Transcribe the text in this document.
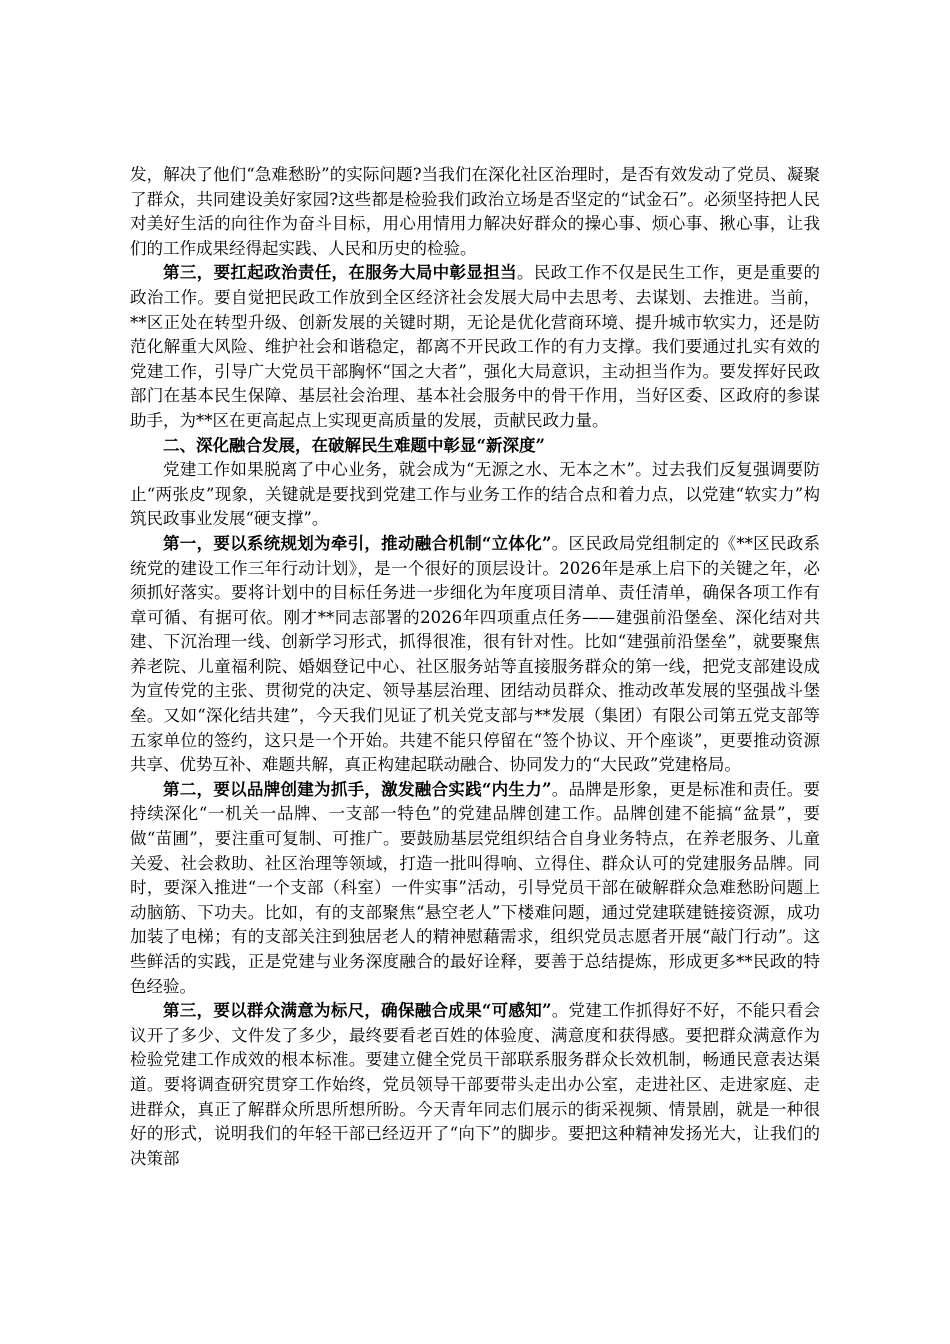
发，解决了他们“急难愁盼”的实际问题?当我们在深化社区治理时，是否有效发动了党员、凝聚了群众，共同建设美好家园?这些都是检验我们政治立场是否坚定的“试金石”。必须坚持把人民对美好生活的向往作为奋斗目标，用心用情用力解决好群众的操心事、烦心事、揪心事，让我们的工作成果经得起实践、人民和历史的检验。

第三，要扛起政治责任，在服务大局中彰显担当。民政工作不仅是民生工作，更是重要的政治工作。要自觉把民政工作放到全区经济社会发展大局中去思考、去谋划、去推进。当前，**区正处在转型升级、创新发展的关键时期，无论是优化营商环境、提升城市软实力，还是防范化解重大风险、维护社会和谐稳定，都离不开民政工作的有力支撑。我们要通过扎实有效的党建工作，引导广大党员干部胸怀“国之大者”，强化大局意识，主动担当作为。要发挥好民政部门在基本民生保障、基层社会治理、基本社会服务中的骨干作用，当好区委、区政府的参谋助手，为**区在更高起点上实现更高质量的发展，贡献民政力量。

二、深化融合发展，在破解民生难题中彰显“新深度”

党建工作如果脱离了中心业务，就会成为“无源之水、无本之木”。过去我们反复强调要防止“两张皮”现象，关键就是要找到党建工作与业务工作的结合点和着力点，以党建“软实力”构筑民政事业发展“硬支撑”。

第一，要以系统规划为牵引，推动融合机制“立体化”。区民政局党组制定的《**区民政系统党的建设工作三年行动计划》，是一个很好的顶层设计。2026年是承上启下的关键之年，必须抓好落实。要将计划中的目标任务进一步细化为年度项目清单、责任清单，确保各项工作有章可循、有据可依。刚才**同志部署的2026年四项重点任务——建强前沿堡垒、深化结对共建、下沉治理一线、创新学习形式，抓得很准，很有针对性。比如“建强前沿堡垒”，就要聚焦养老院、儿童福利院、婚姻登记中心、社区服务站等直接服务群众的第一线，把党支部建设成为宣传党的主张、贯彻党的决定、领导基层治理、团结动员群众、推动改革发展的坚强战斗堡垒。又如“深化结共建”，今天我们见证了机关党支部与**发展（集团）有限公司第五党支部等五家单位的签约，这只是一个开始。共建不能只停留在“签个协议、开个座谈”，更要推动资源共享、优势互补、难题共解，真正构建起联动融合、协同发力的“大民政”党建格局。

第二，要以品牌创建为抓手，激发融合实践“内生力”。品牌是形象，更是标准和责任。要持续深化“一机关一品牌、一支部一特色”的党建品牌创建工作。品牌创建不能搞“盆景”，要做“苗圃”，要注重可复制、可推广。要鼓励基层党组织结合自身业务特点，在养老服务、儿童关爱、社会救助、社区治理等领域，打造一批叫得响、立得住、群众认可的党建服务品牌。同时，要深入推进“一个支部（科室）一件实事”活动，引导党员干部在破解群众急难愁盼问题上动脑筋、下功夫。比如，有的支部聚焦“悬空老人”下楼难问题，通过党建联建链接资源，成功加装了电梯；有的支部关注到独居老人的精神慰藉需求，组织党员志愿者开展“敲门行动”。这些鲜活的实践，正是党建与业务深度融合的最好诠释，要善于总结提炼，形成更多**民政的特色经验。

第三，要以群众满意为标尺，确保融合成果“可感知”。党建工作抓得好不好，不能只看会议开了多少、文件发了多少，最终要看老百姓的体验度、满意度和获得感。要把群众满意作为检验党建工作成效的根本标准。要建立健全党员干部联系服务群众长效机制，畅通民意表达渠道。要将调查研究贯穿工作始终，党员领导干部要带头走出办公室，走进社区、走进家庭、走进群众，真正了解群众所思所想所盼。今天青年同志们展示的街采视频、情景剧，就是一种很好的形式，说明我们的年轻干部已经迈开了“向下”的脚步。要把这种精神发扬光大，让我们的决策部
